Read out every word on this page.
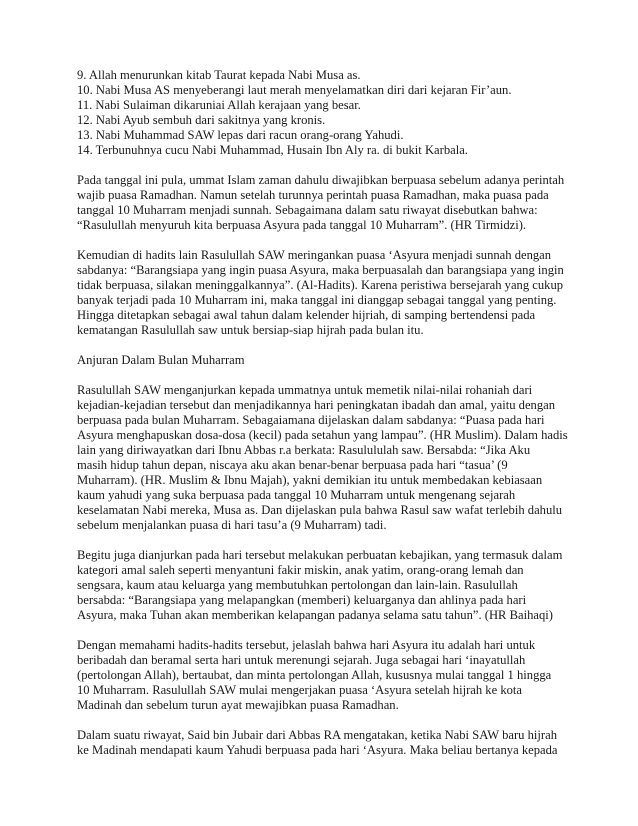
9. Allah menurunkan kitab Taurat kepada Nabi Musa as.
10. Nabi Musa AS menyeberangi laut merah menyelamatkan diri dari kejaran Fir’aun.
11. Nabi Sulaiman dikaruniai Allah kerajaan yang besar.
12. Nabi Ayub sembuh dari sakitnya yang kronis.
13. Nabi Muhammad SAW lepas dari racun orang-orang Yahudi.
14. Terbunuhnya cucu Nabi Muhammad, Husain Ibn Aly ra. di bukit Karbala.
Pada tanggal ini pula, ummat Islam zaman dahulu diwajibkan berpuasa sebelum adanya perintah
wajib puasa Ramadhan. Namun setelah turunnya perintah puasa Ramadhan, maka puasa pada
tanggal 10 Muharram menjadi sunnah. Sebagaimana dalam satu riwayat disebutkan bahwa:
“Rasulullah menyuruh kita berpuasa Asyura pada tanggal 10 Muharram”. (HR Tirmidzi).
Kemudian di hadits lain Rasulullah SAW meringankan puasa ‘Asyura menjadi sunnah dengan
sabdanya: “Barangsiapa yang ingin puasa Asyura, maka berpuasalah dan barangsiapa yang ingin
tidak berpuasa, silakan meninggalkannya”. (Al-Hadits). Karena peristiwa bersejarah yang cukup
banyak terjadi pada 10 Muharram ini, maka tanggal ini dianggap sebagai tanggal yang penting.
Hingga ditetapkan sebagai awal tahun dalam kelender hijriah, di samping bertendensi pada
kematangan Rasulullah saw untuk bersiap-siap hijrah pada bulan itu.
Anjuran Dalam Bulan Muharram
Rasulullah SAW menganjurkan kepada ummatnya untuk memetik nilai-nilai rohaniah dari
kejadian-kejadian tersebut dan menjadikannya hari peningkatan ibadah dan amal, yaitu dengan
berpuasa pada bulan Muharram. Sebagaiamana dijelaskan dalam sabdanya: “Puasa pada hari
Asyura menghapuskan dosa-dosa (kecil) pada setahun yang lampau”. (HR Muslim). Dalam hadis
lain yang diriwayatkan dari Ibnu Abbas r.a berkata: Rasulululah saw. Bersabda: “Jika Aku
masih hidup tahun depan, niscaya aku akan benar-benar berpuasa pada hari “tasua’ (9
Muharram). (HR. Muslim & Ibnu Majah), yakni demikian itu untuk membedakan kebiasaan
kaum yahudi yang suka berpuasa pada tanggal 10 Muharram untuk mengenang sejarah
keselamatan Nabi mereka, Musa as. Dan dijelaskan pula bahwa Rasul saw wafat terlebih dahulu
sebelum menjalankan puasa di hari tasu’a (9 Muharram) tadi.
Begitu juga dianjurkan pada hari tersebut melakukan perbuatan kebajikan, yang termasuk dalam
kategori amal saleh seperti menyantuni fakir miskin, anak yatim, orang-orang lemah dan
sengsara, kaum atau keluarga yang membutuhkan pertolongan dan lain-lain. Rasulullah
bersabda: “Barangsiapa yang melapangkan (memberi) keluarganya dan ahlinya pada hari
Asyura, maka Tuhan akan memberikan kelapangan padanya selama satu tahun”. (HR Baihaqi)
Dengan memahami hadits-hadits tersebut, jelaslah bahwa hari Asyura itu adalah hari untuk
beribadah dan beramal serta hari untuk merenungi sejarah. Juga sebagai hari ‘inayatullah
(pertolongan Allah), bertaubat, dan minta pertolongan Allah, kususnya mulai tanggal 1 hingga
10 Muharram. Rasulullah SAW mulai mengerjakan puasa ‘Asyura setelah hijrah ke kota
Madinah dan sebelum turun ayat mewajibkan puasa Ramadhan.
Dalam suatu riwayat, Said bin Jubair dari Abbas RA mengatakan, ketika Nabi SAW baru hijrah
ke Madinah mendapati kaum Yahudi berpuasa pada hari ‘Asyura. Maka beliau bertanya kepada
